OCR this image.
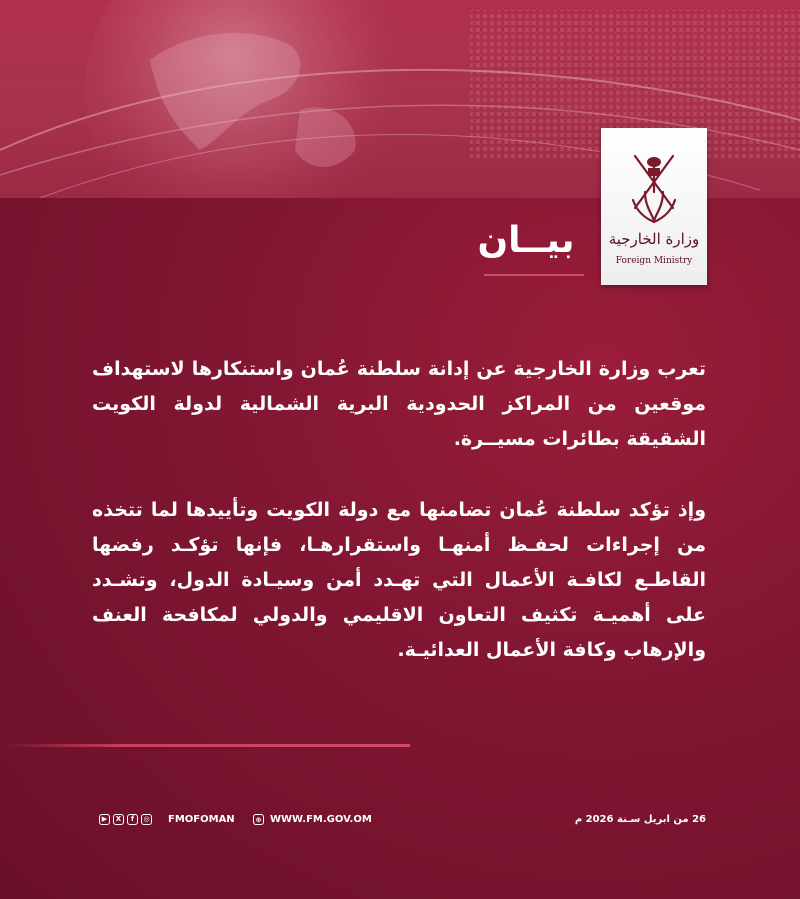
وزارة الخارجية
Foreign Ministry
بيــان

تعرب وزارة الخارجية عن إدانة سلطنة عُمان واستنكارها لاستهداف موقعين من المراكز الحدودية البرية الشمالية لدولة الكويت الشقيقة بطائرات مسيــرة.

وإذ تؤكد سلطنة عُمان تضامنها مع دولة الكويت وتأييدها لما تتخذه من إجراءات لحفـظ أمنهـا واستقرارهـا، فإنها تؤكـد رفضها القاطـع لكافـة الأعمال التي تهـدد أمن وسيـادة الدول، وتشـدد على أهميـة تكثيف التعاون الاقليمي والدولي لمكافحة العنف والإرهاب وكافة الأعمال العدائيـة.

▶	X	f	◎ FMOFOMAN	⊕ WWW.FM.GOV.OM	26 من ابريل سـنة 2026 م
